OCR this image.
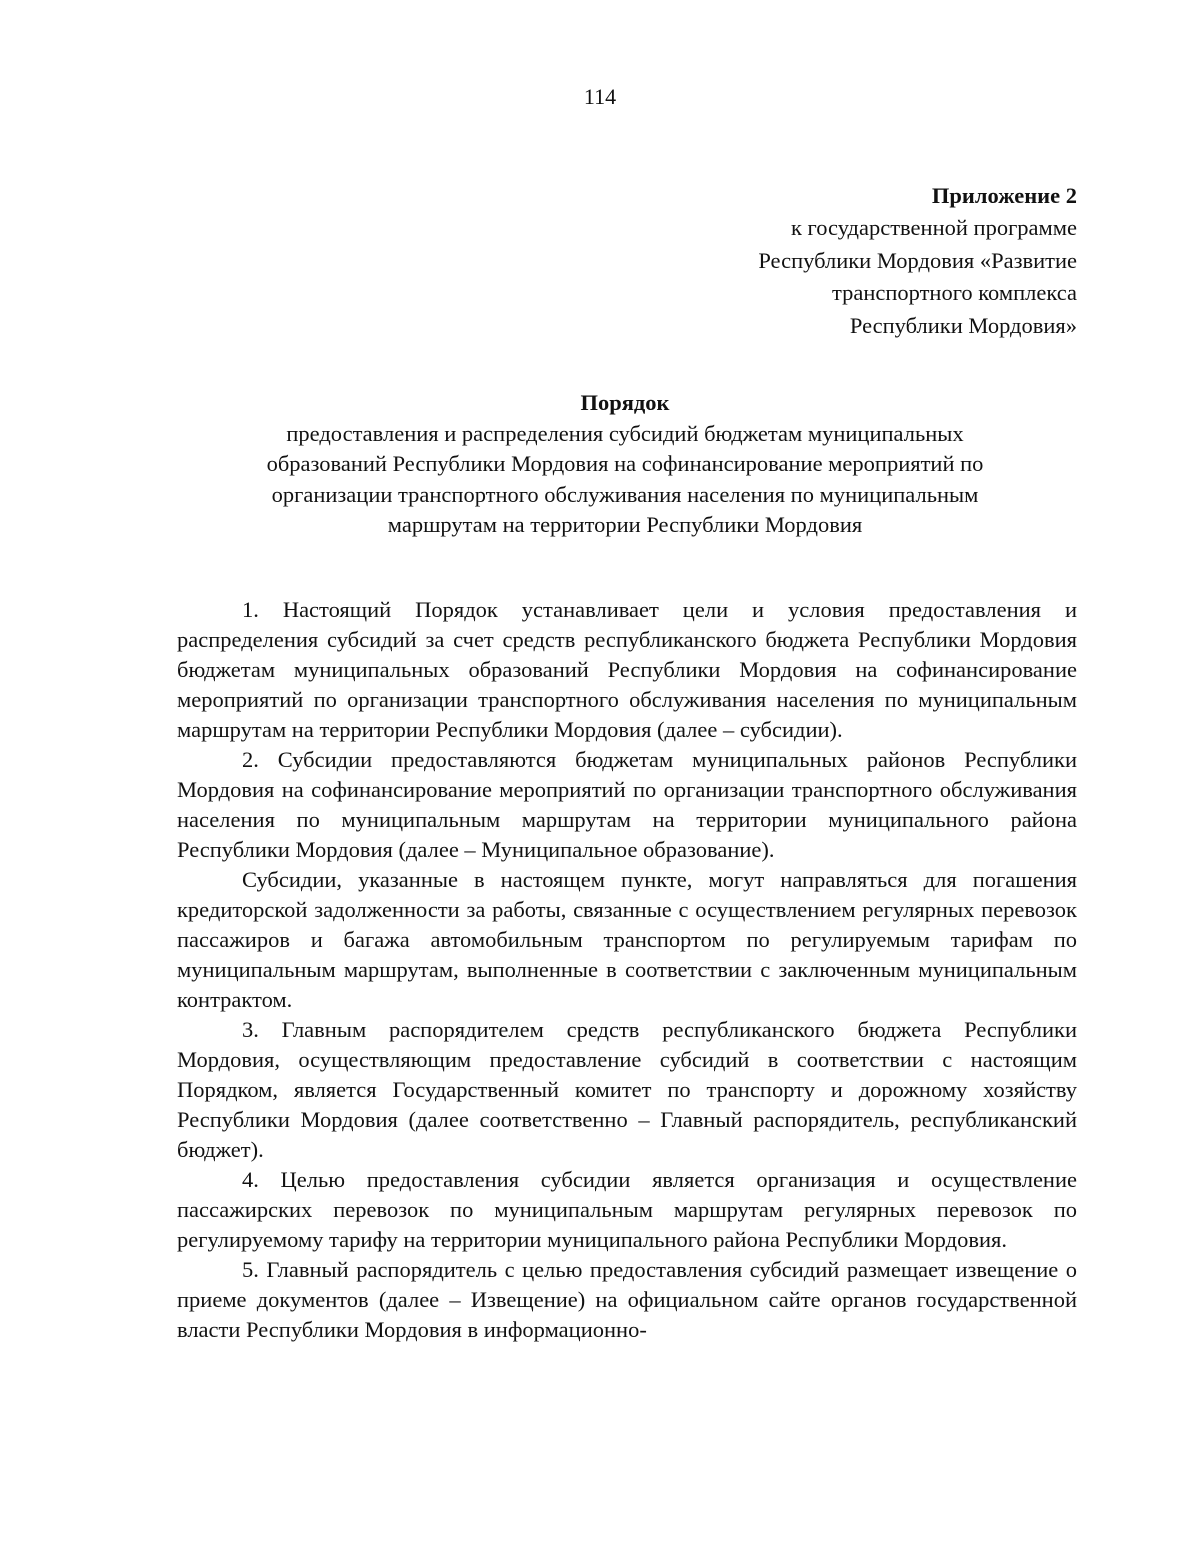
114
Приложение 2
к государственной программе
Республики Мордовия «Развитие
транспортного комплекса
Республики Мордовия»
Порядок
предоставления и распределения субсидий бюджетам муниципальных
образований Республики Мордовия на софинансирование мероприятий по
организации транспортного обслуживания населения по муниципальным
маршрутам на территории Республики Мордовия

1. Настоящий Порядок устанавливает цели и условия предоставления и распределения субсидий за счет средств республиканского бюджета Республики Мордовия бюджетам муниципальных образований Республики Мордовия на софинансирование мероприятий по организации транспортного обслуживания населения по муниципальным маршрутам на территории Республики Мордовия (далее – субсидии).

2. Субсидии предоставляются бюджетам муниципальных районов Республики Мордовия на софинансирование мероприятий по организации транспортного обслуживания населения по муниципальным маршрутам на территории муниципального района Республики Мордовия (далее – Муниципальное образование).

Субсидии, указанные в настоящем пункте, могут направляться для погашения кредиторской задолженности за работы, связанные с осуществлением регулярных перевозок пассажиров и багажа автомобильным транспортом по регулируемым тарифам по муниципальным маршрутам, выполненные в соответствии с заключенным муниципальным контрактом.

3. Главным распорядителем средств республиканского бюджета Республики Мордовия, осуществляющим предоставление субсидий в соответствии с настоящим Порядком, является Государственный комитет по транспорту и дорожному хозяйству Республики Мордовия (далее соответственно – Главный распорядитель, республиканский бюджет).

4. Целью предоставления субсидии является организация и осуществление пассажирских перевозок по муниципальным маршрутам регулярных перевозок по регулируемому тарифу на территории муниципального района Республики Мордовия.

5. Главный распорядитель с целью предоставления субсидий размещает извещение о приеме документов (далее – Извещение) на официальном сайте органов государственной власти Республики Мордовия в информационно-
